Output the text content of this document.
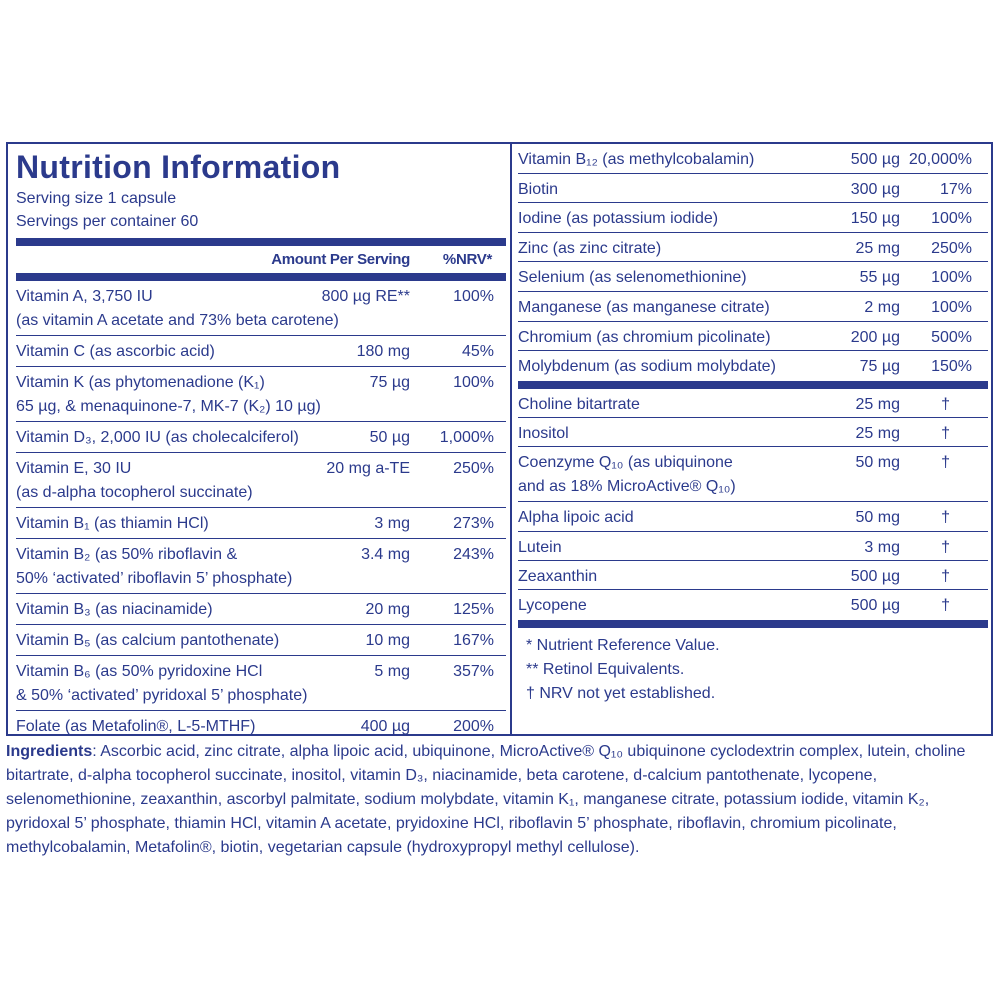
Nutrition Information
Serving size 1 capsule
Servings per container 60
Amount Per Serving %NRV*
Vitamin A, 3,750 IU
(as vitamin A acetate and 73% beta carotene)
800 µg RE**	100%
Vitamin C (as ascorbic acid)	180 mg	45%
Vitamin K (as phytomenadione (K₁)
65 µg, & menaquinone-7, MK-7 (K₂) 10 µg)
75 µg	100%
Vitamin D₃, 2,000 IU (as cholecalciferol)	50 µg 1,000%
Vitamin E, 30 IU
(as d-alpha tocopherol succinate)
20 mg a-TE	250%
Vitamin B₁ (as thiamin HCl)	3 mg	273%
Vitamin B₂ (as 50% riboflavin &
50% ‘activated’ riboflavin 5’ phosphate)
3.4 mg	243%
Vitamin B₃ (as niacinamide)	20 mg	125%
Vitamin B₅ (as calcium pantothenate)	10 mg	167%
Vitamin B₆ (as 50% pyridoxine HCl
& 50% ‘activated’ pyridoxal 5’ phosphate)
5 mg	357%
Folate (as Metafolin®, L-5-MTHF)	400 µg	200%
Vitamin B₁₂ (as methylcobalamin)	500 µg 20,000%
Biotin	300 µg 17%
Iodine (as potassium iodide)	150 µg 100%
Zinc (as zinc citrate)	25 mg 250%
Selenium (as selenomethionine)	55 µg 100%
Manganese (as manganese citrate)	2 mg 100%
Chromium (as chromium picolinate)	200 µg 500%
Molybdenum (as sodium molybdate)	75 µg 150%
Choline bitartrate	25 mg	†
Inositol	25 mg	†
Coenzyme Q₁₀ (as ubiquinone
and as 18% MicroActive® Q₁₀)
50 mg	†
Alpha lipoic acid	50 mg	†
Lutein	3 mg	†
Zeaxanthin	500 µg	†
Lycopene	500 µg	†
* Nutrient Reference Value.
** Retinol Equivalents.
† NRV not yet established.
Ingredients: Ascorbic acid, zinc citrate, alpha lipoic acid, ubiquinone, MicroActive® Q₁₀ ubiquinone cyclodextrin complex, lutein, choline bitartrate, d-alpha tocopherol succinate, inositol, vitamin D₃, niacinamide, beta carotene, d-calcium pantothenate, lycopene, selenomethionine, zeaxanthin, ascorbyl palmitate, sodium molybdate, vitamin K₁, manganese citrate, potassium iodide, vitamin K₂, pyridoxal 5’ phosphate, thiamin HCl, vitamin A acetate, pryidoxine HCl, riboflavin 5’ phosphate, riboflavin, chromium picolinate, methylcobalamin, Metafolin®, biotin, vegetarian capsule (hydroxypropyl methyl cellulose).
